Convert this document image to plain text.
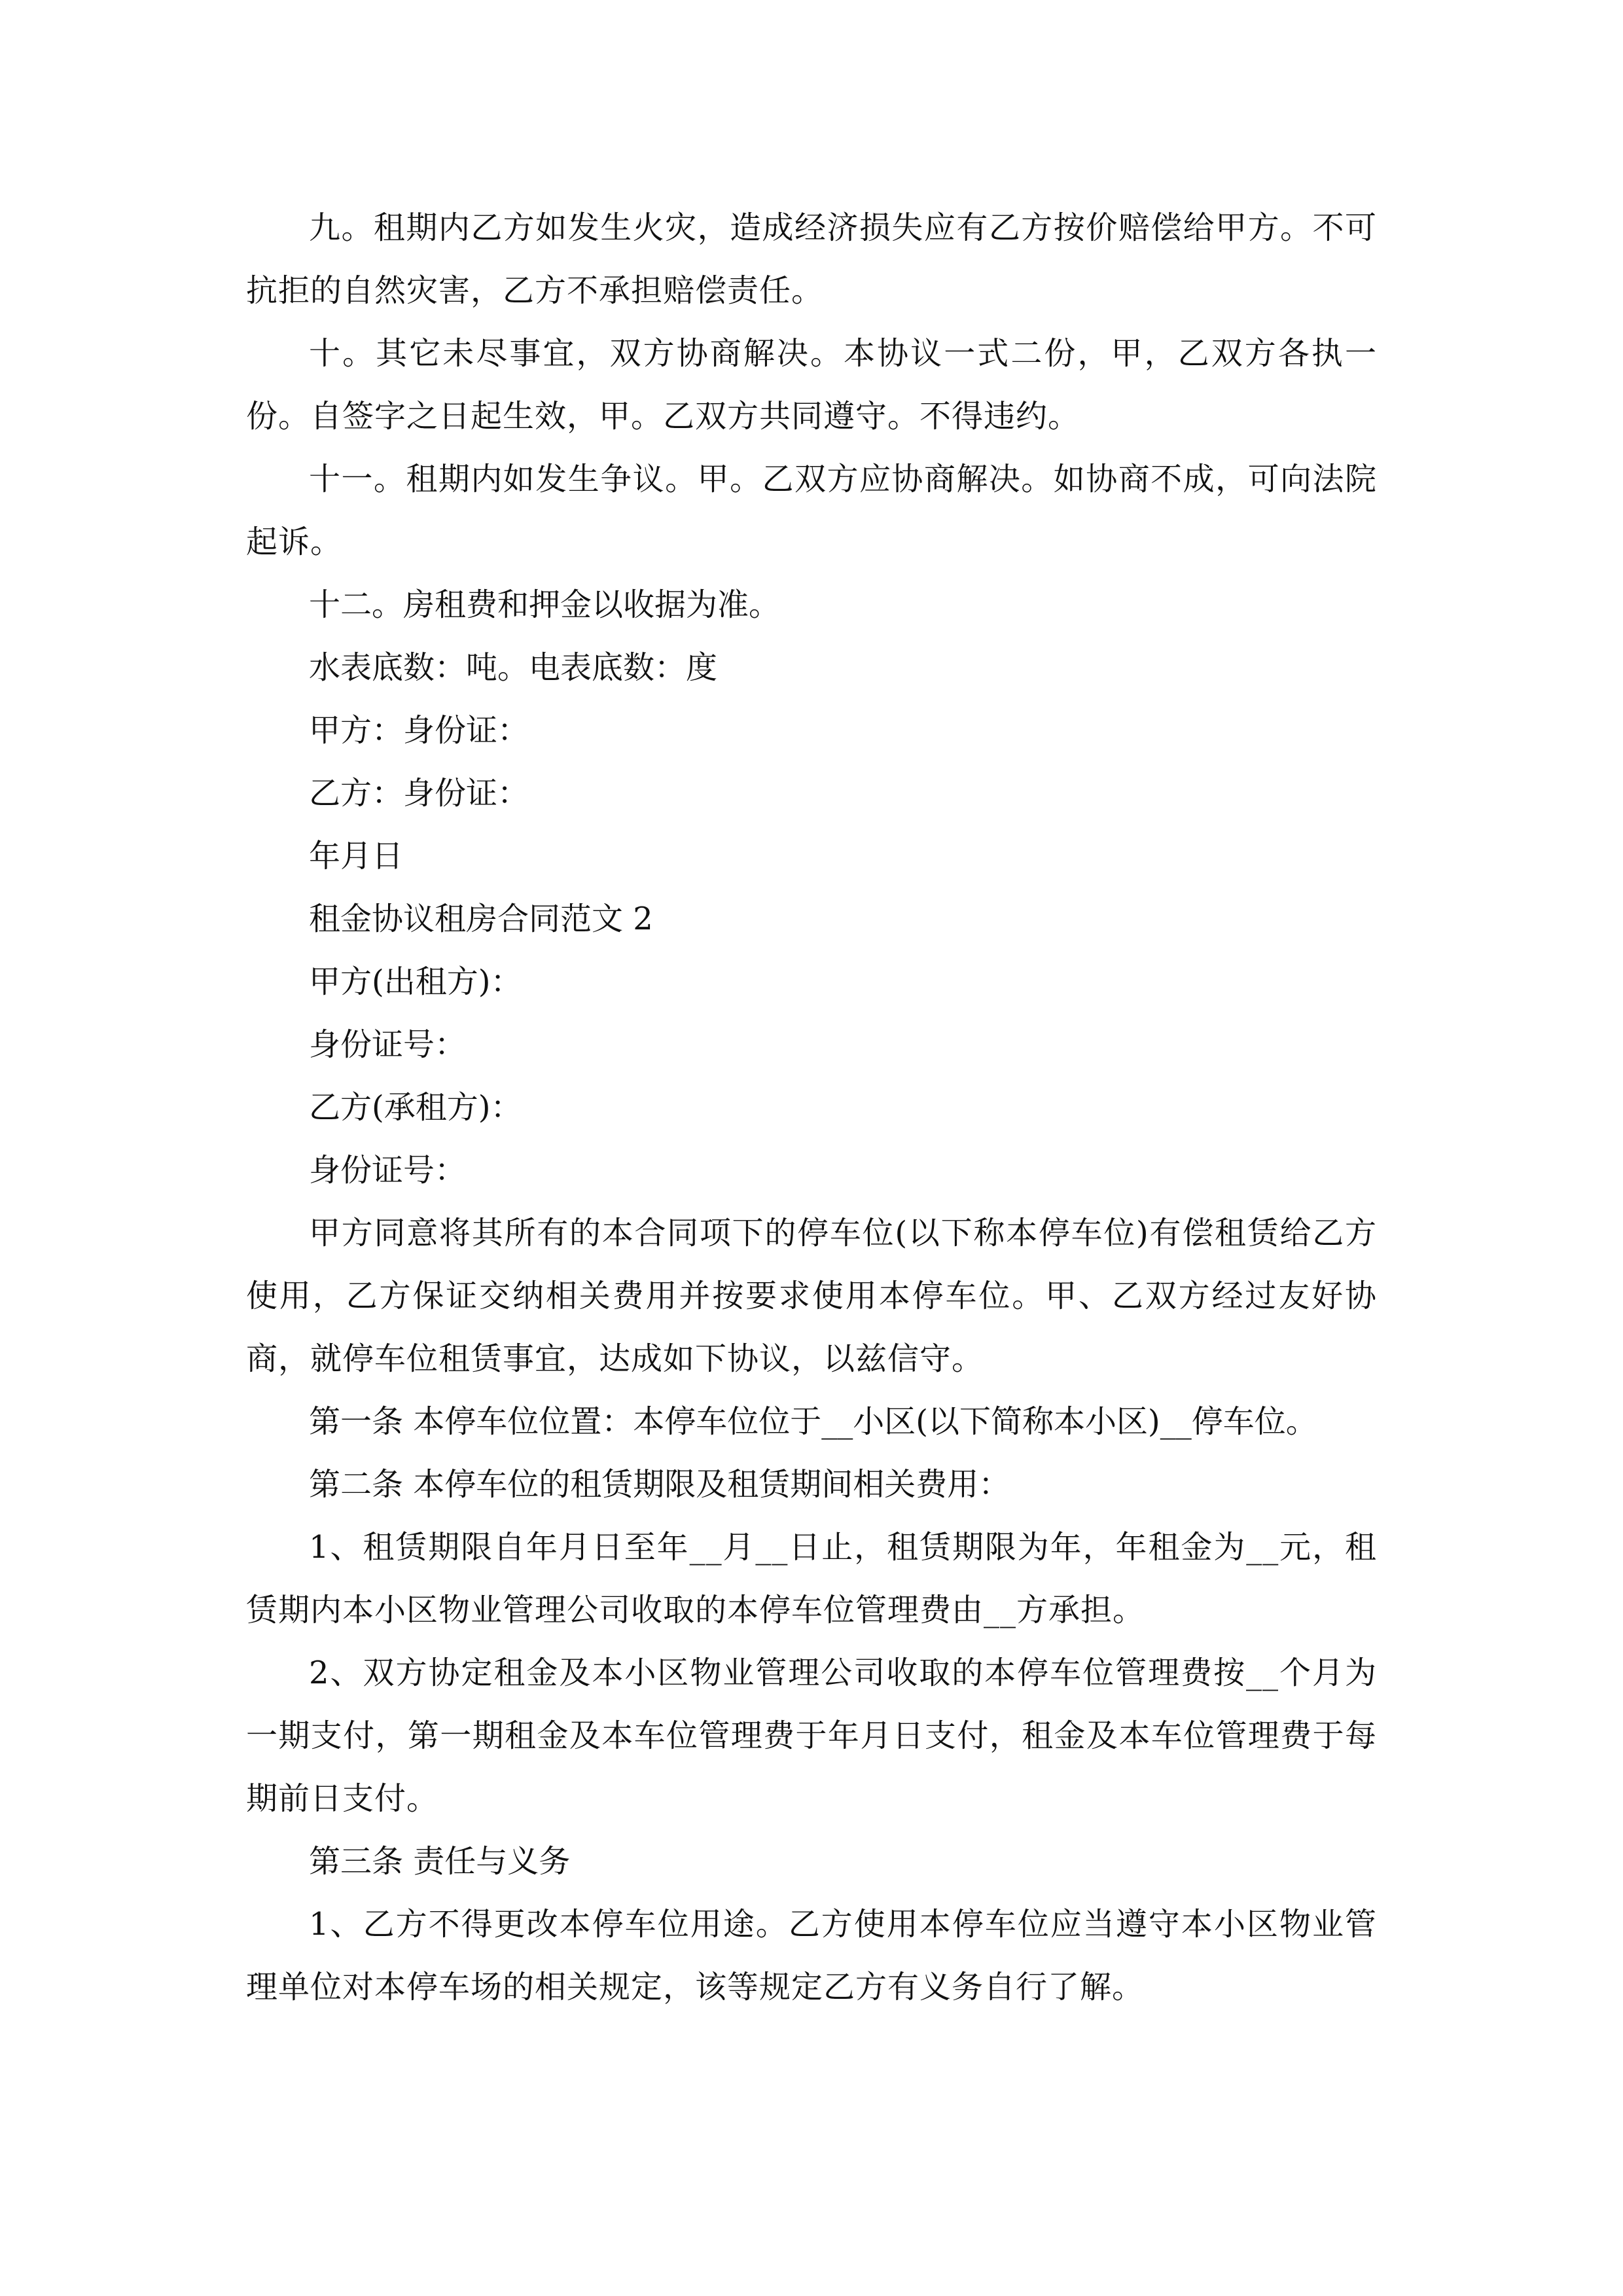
九。租期内乙方如发生火灾，造成经济损失应有乙方按价赔偿给甲方。不可抗拒的自然灾害，乙方不承担赔偿责任。

十。其它未尽事宜，双方协商解决。本协议一式二份，甲，乙双方各执一份。自签字之日起生效，甲。乙双方共同遵守。不得违约。

十一。租期内如发生争议。甲。乙双方应协商解决。如协商不成，可向法院起诉。

十二。房租费和押金以收据为准。

水表底数：吨。电表底数：度

甲方：身份证：

乙方：身份证：

年月日

租金协议租房合同范文 2

甲方(出租方)：

身份证号：

乙方(承租方)：

身份证号：

甲方同意将其所有的本合同项下的停车位(以下称本停车位)有偿租赁给乙方使用，乙方保证交纳相关费用并按要求使用本停车位。甲、乙双方经过友好协商，就停车位租赁事宜，达成如下协议，以兹信守。

第一条 本停车位位置：本停车位位于__小区(以下简称本小区)__停车位。

第二条 本停车位的租赁期限及租赁期间相关费用：

1、租赁期限自年月日至年__月__日止，租赁期限为年，年租金为__元，租赁期内本小区物业管理公司收取的本停车位管理费由__方承担。

2、双方协定租金及本小区物业管理公司收取的本停车位管理费按__个月为一期支付，第一期租金及本车位管理费于年月日支付，租金及本车位管理费于每期前日支付。

第三条 责任与义务

1、乙方不得更改本停车位用途。乙方使用本停车位应当遵守本小区物业管理单位对本停车场的相关规定，该等规定乙方有义务自行了解。
